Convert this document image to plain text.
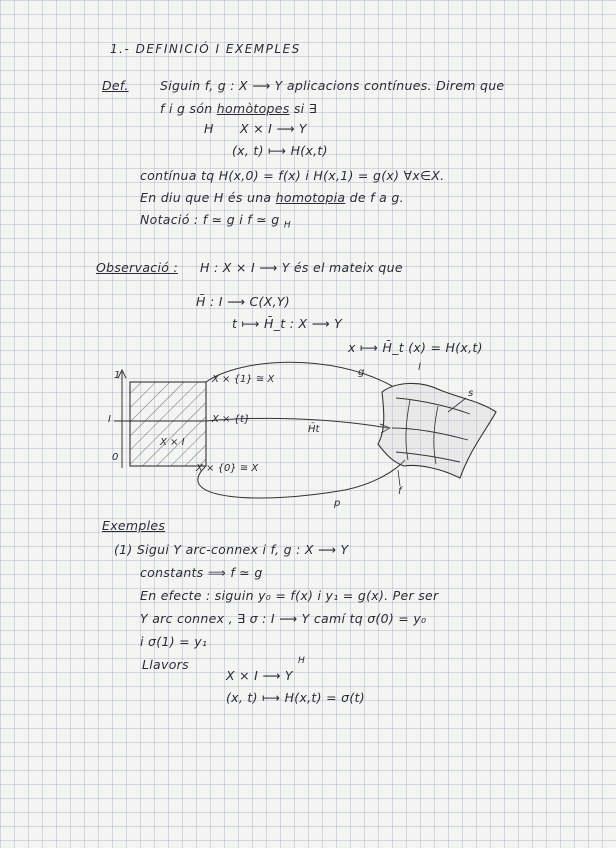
1.- DEFINICIÓ I EXEMPLES
Def.	Siguin f, g : X ⟶ Y aplicacions contínues. Direm que
f i g són homòtopes si ∃
H X × I ⟶ Y
(x, t) ⟼ H(x,t)
contínua tq H(x,0) = f(x) i H(x,1) = g(x) ∀x∈X.
En diu que H és una homotopia de f a g.
Notació : f ≃ g i f ≃ g $_H$
Observació : H : X × I ⟶ Y és el mateix que
H̄ : I ⟶ C(X,Y)
t ⟼ H̄_t : X ⟶ Y
x ⟼ H̄_t (x) = H(x,t)
X × {1} ≅ X
X × {t}
X × I
X × {0} ≅ X
I
0
1
H̄t
f
g
s
l
p
Exemples
(1) Sigui Y arc-connex i f, g : X ⟶ Y
constants ⟹ f ≃ g
En efecte : siguin y₀ = f(x) i y₁ = g(x). Per ser
Y arc connex , ∃ σ : I ⟶ Y camí tq σ(0) = y₀
i σ(1) = y₁
Llavors	H
X × I ⟶ Y
(x, t) ⟼ H(x,t) = σ(t)
